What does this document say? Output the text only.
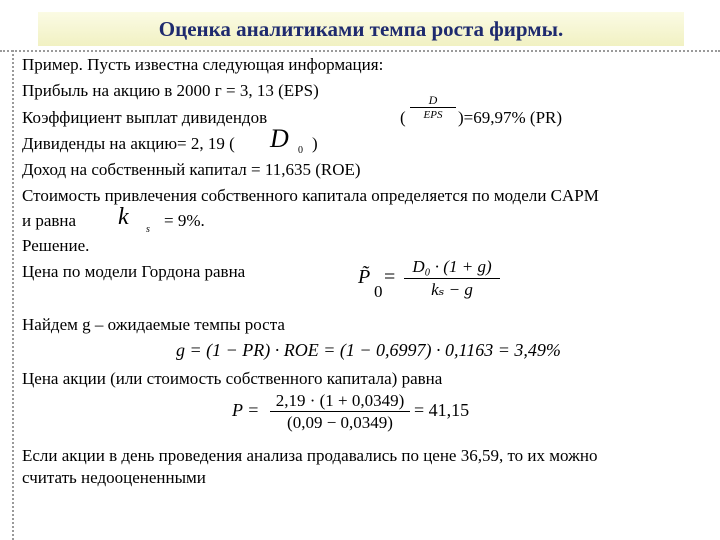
Оценка аналитиками темпа роста фирмы.
Пример. Пусть известна следующая информация:
Прибыль на акцию в 2000 г = 3, 13 (EPS)
Коэффициент выплат дивидендов	(
D
EPS )=69,97% (PR)
Дивиденды на акцию= 2, 19 ( D 0 )
Доход на собственный капитал = 11,635 (ROE)
Стоимость привлечения собственного капитала определяется по модели CAPM
и равна k s = 9%.
Решение.
Цена по модели Гордона равна	P̃
0
= $\frac{\text{D₀ · (1 + g)}}{\text{kₛ − g}}$
Найдем g – ожидаемые темпы роста
g = (1 − PR) · ROE = (1 − 0,6997) · 0,1163 = 3,49%
Цена акции (или стоимость собственного капитала) равна
$P = \frac{2,19 \cdot (1 + 0,0349)}{(0,09 - 0,0349)} = 41,15$
Если акции в день проведения анализа продавались по цене 36,59, то их можно
считать недооцененными
